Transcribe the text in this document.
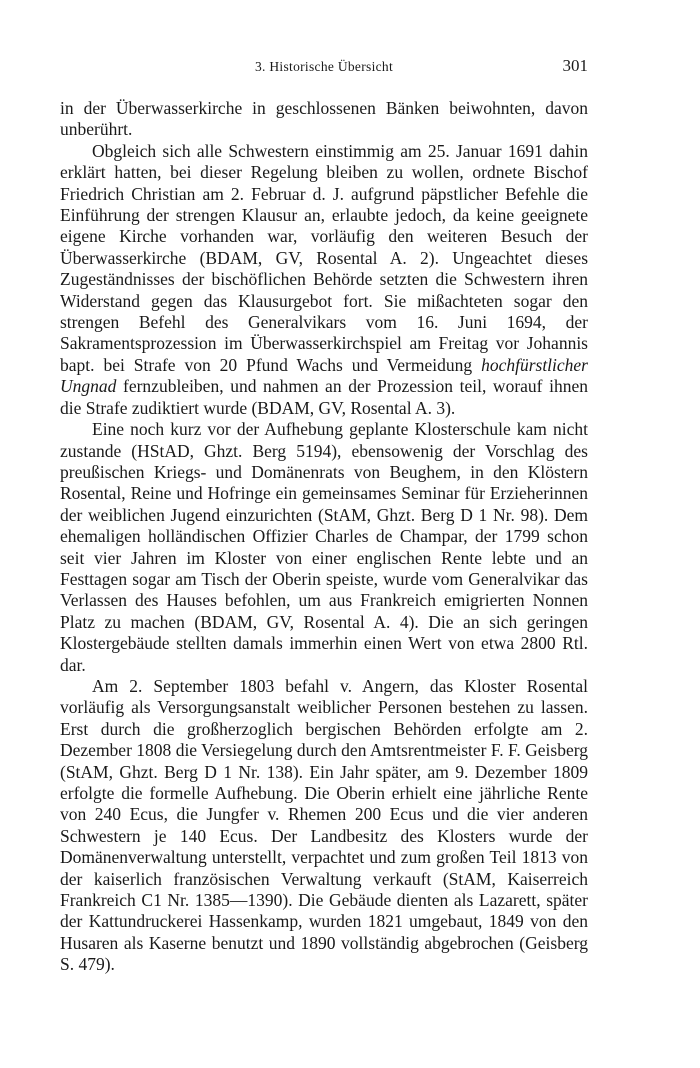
3. Historische Übersicht	301

in der Überwasserkirche in geschlossenen Bänken beiwohnten, davon unberührt.

Obgleich sich alle Schwestern einstimmig am 25. Januar 1691 dahin erklärt hatten, bei dieser Regelung bleiben zu wollen, ordnete Bischof Friedrich Christian am 2. Februar d. J. aufgrund päpstlicher Befehle die Einführung der strengen Klausur an, erlaubte jedoch, da keine geeignete eigene Kirche vorhanden war, vorläufig den weiteren Besuch der Überwasserkirche (BDAM, GV, Rosental A. 2). Ungeachtet dieses Zugeständnisses der bischöflichen Behörde setzten die Schwestern ihren Widerstand gegen das Klausurgebot fort. Sie mißachteten sogar den strengen Befehl des Generalvikars vom 16. Juni 1694, der Sakramentsprozession im Überwasserkirchspiel am Freitag vor Johannis bapt. bei Strafe von 20 Pfund Wachs und Vermeidung hochfürstlicher Ungnad fernzubleiben, und nahmen an der Prozession teil, worauf ihnen die Strafe zudiktiert wurde (BDAM, GV, Rosental A. 3).

Eine noch kurz vor der Aufhebung geplante Klosterschule kam nicht zustande (HStAD, Ghzt. Berg 5194), ebensowenig der Vorschlag des preußischen Kriegs- und Domänenrats von Beughem, in den Klöstern Rosental, Reine und Hofringe ein gemeinsames Seminar für Erzieherinnen der weiblichen Jugend einzurichten (StAM, Ghzt. Berg D 1 Nr. 98). Dem ehemaligen holländischen Offizier Charles de Champar, der 1799 schon seit vier Jahren im Kloster von einer englischen Rente lebte und an Festtagen sogar am Tisch der Oberin speiste, wurde vom Generalvikar das Verlassen des Hauses befohlen, um aus Frankreich emigrierten Nonnen Platz zu machen (BDAM, GV, Rosental A. 4). Die an sich geringen Klostergebäude stellten damals immerhin einen Wert von etwa 2800 Rtl. dar.

Am 2. September 1803 befahl v. Angern, das Kloster Rosental vorläufig als Versorgungsanstalt weiblicher Personen bestehen zu lassen. Erst durch die großherzoglich bergischen Behörden erfolgte am 2. Dezember 1808 die Versiegelung durch den Amtsrentmeister F. F. Geisberg (StAM, Ghzt. Berg D 1 Nr. 138). Ein Jahr später, am 9. Dezember 1809 erfolgte die formelle Aufhebung. Die Oberin erhielt eine jährliche Rente von 240 Ecus, die Jungfer v. Rhemen 200 Ecus und die vier anderen Schwestern je 140 Ecus. Der Landbesitz des Klosters wurde der Domänenverwaltung unterstellt, verpachtet und zum großen Teil 1813 von der kaiserlich französischen Verwaltung verkauft (StAM, Kaiserreich Frankreich C1 Nr. 1385—1390). Die Gebäude dienten als Lazarett, später der Kattundruckerei Hassenkamp, wurden 1821 umgebaut, 1849 von den Husaren als Kaserne benutzt und 1890 vollständig abgebrochen (Geisberg S. 479).
